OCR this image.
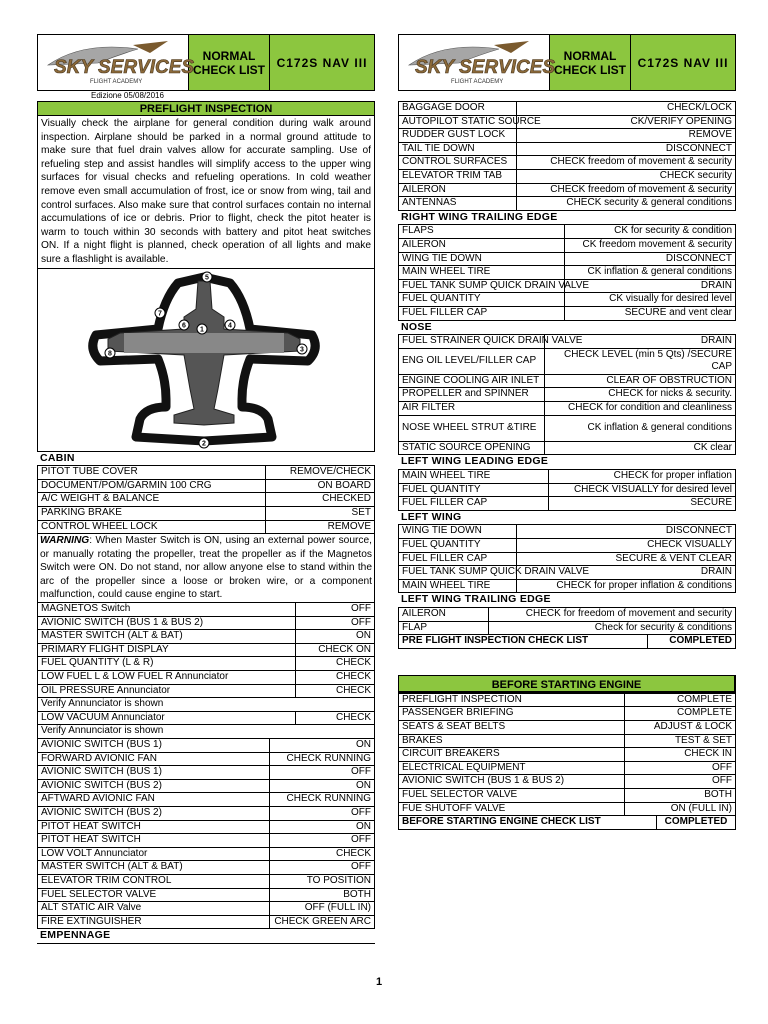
SKY SERVICES
FLIGHT ACADEMY
NORMAL
CHECK LIST C172S NAV III
Edizione 05/08/2016
PREFLIGHT INSPECTION
Visually check the airplane for general condition during walk around inspection. Airplane should be parked in a normal ground attitude to make sure that fuel drain valves allow for accurate sampling. Use of refueling step and assist handles will simplify access to the upper wing surfaces for visual checks and refueling operations. In cold weather remove even small accumulation of frost, ice or snow from wing, tail and control surfaces. Also make sure that control surfaces contain no internal accumulations of ice or debris. Prior to flight, check the pitot heater is warm to touch within 30 seconds with battery and pitot heat switches ON. If a night flight is planned, check operation of all lights and make sure a flashlight is available.
5
2
8
3
7
6
1
4
CABIN
PITOT TUBE COVER	REMOVE/CHECK
DOCUMENT/POM/GARMIN 100 CRG	ON BOARD
A/C WEIGHT & BALANCE	CHECKED
PARKING BRAKE	SET
CONTROL WHEEL LOCK	REMOVE
WARNING: When Master Switch is ON, using an external power source, or manually rotating the propeller, treat the propeller as if the Magnetos Switch were ON. Do not stand, nor allow anyone else to stand within the arc of the propeller since a loose or broken wire, or a component malfunction, could cause engine to start.
MAGNETOS Switch	OFF
AVIONIC SWITCH (BUS 1 & BUS 2)	OFF
MASTER SWITCH (ALT & BAT)	ON
PRIMARY FLIGHT DISPLAY	CHECK ON
FUEL QUANTITY (L & R)	CHECK
LOW FUEL L & LOW FUEL R Annunciator	CHECK
OIL PRESSURE Annunciator	CHECK
Verify Annunciator is shown
LOW VACUUM Annunciator	CHECK
Verify Annunciator is shown
AVIONIC SWITCH (BUS 1)	ON
FORWARD AVIONIC FAN	CHECK RUNNING
AVIONIC SWITCH (BUS 1)	OFF
AVIONIC SWITCH (BUS 2)	ON
AFTWARD AVIONIC FAN	CHECK RUNNING
AVIONIC SWITCH (BUS 2)	OFF
PITOT HEAT SWITCH	ON
PITOT HEAT SWITCH	OFF
LOW VOLT Annunciator	CHECK
MASTER SWITCH (ALT & BAT)	OFF
ELEVATOR TRIM CONTROL	TO POSITION
FUEL SELECTOR VALVE	BOTH
ALT STATIC AIR Valve	OFF (FULL IN)
FIRE EXTINGUISHER	CHECK GREEN ARC
EMPENNAGE
SKY SERVICES
FLIGHT ACADEMY
NORMAL
CHECK LIST C172S NAV III
BAGGAGE DOOR	CHECK/LOCK
AUTOPILOT STATIC SOURCE	CK/VERIFY OPENING
RUDDER GUST LOCK	REMOVE
TAIL TIE DOWN	DISCONNECT
CONTROL SURFACES	CHECK freedom of movement & security
ELEVATOR TRIM TAB	CHECK security
AILERON	CHECK freedom of movement & security
ANTENNAS	CHECK security & general conditions
RIGHT WING TRAILING EDGE
FLAPS	CK for security & condition
AILERON	CK freedom movement & security
WING TIE DOWN	DISCONNECT
MAIN WHEEL TIRE	CK inflation & general conditions
FUEL TANK SUMP QUICK DRAIN VALVE	DRAIN
FUEL QUANTITY	CK visually for desired level
FUEL FILLER CAP	SECURE and vent clear
NOSE
FUEL STRAINER QUICK DRAIN VALVE	DRAIN
ENG OIL LEVEL/FILLER CAP	CHECK LEVEL (min 5 Qts) /SECURE CAP
ENGINE COOLING AIR INLET	CLEAR OF OBSTRUCTION
PROPELLER and SPINNER	CHECK for nicks & security.
AIR FILTER	CHECK for condition and cleanliness
NOSE WHEEL STRUT &TIRE	CK inflation & general conditions
STATIC SOURCE OPENING	CK clear
LEFT WING LEADING EDGE
MAIN WHEEL TIRE	CHECK for proper inflation
FUEL QUANTITY	CHECK VISUALLY for desired level
FUEL FILLER CAP	SECURE
LEFT WING
WING TIE DOWN	DISCONNECT
FUEL QUANTITY	CHECK VISUALLY
FUEL FILLER CAP	SECURE & VENT CLEAR
FUEL TANK SUMP QUICK DRAIN VALVE	DRAIN
MAIN WHEEL TIRE	CHECK for proper inflation & conditions
LEFT WING TRAILING EDGE
AILERON	CHECK for freedom of movement and security
FLAP	Check for security & conditions

PRE FLIGHT INSPECTION CHECK LIST COMPLETED	
BEFORE STARTING ENGINE
PREFLIGHT INSPECTION	COMPLETE
PASSENGER BRIEFING	COMPLETE
SEATS & SEAT BELTS	ADJUST & LOCK
BRAKES	TEST & SET
CIRCUIT BREAKERS	CHECK IN
ELECTRICAL EQUIPMENT	OFF
AVIONIC SWITCH (BUS 1 & BUS 2)	OFF
FUEL SELECTOR VALVE	BOTH
FUE SHUTOFF VALVE	ON (FULL IN)

BEFORE STARTING ENGINE CHECK LIST COMPLETED	
1
